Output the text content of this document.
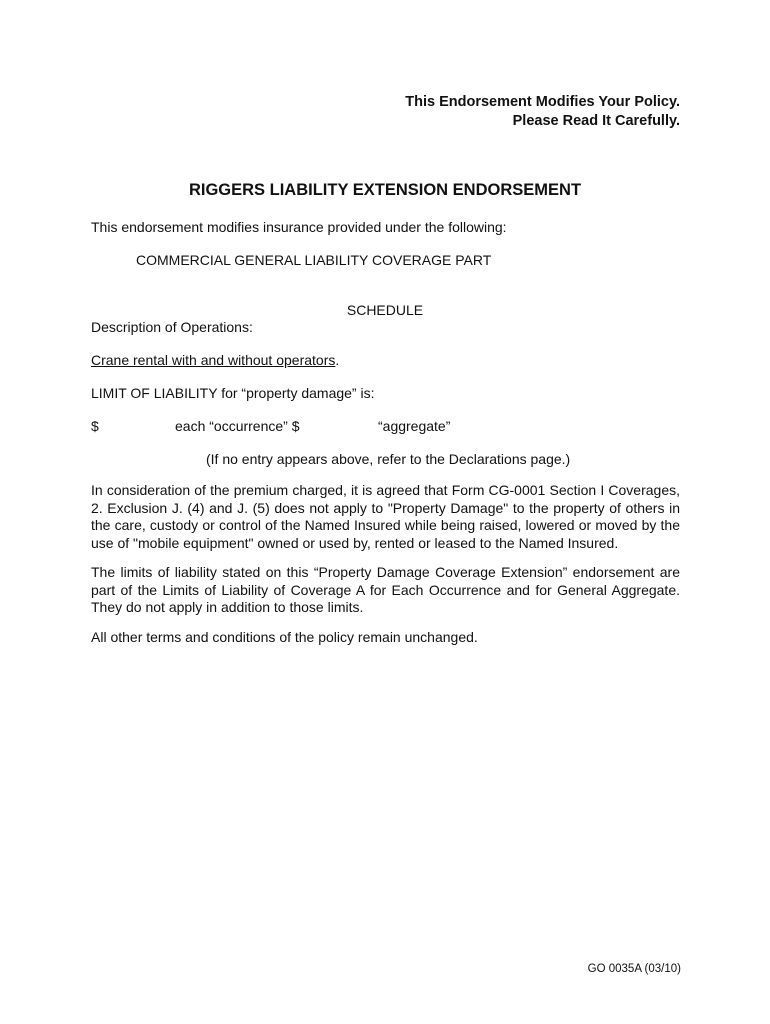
This Endorsement Modifies Your Policy.
Please Read It Carefully.
RIGGERS LIABILITY EXTENSION ENDORSEMENT
This endorsement modifies insurance provided under the following:
COMMERCIAL GENERAL LIABILITY COVERAGE PART
SCHEDULE
Description of Operations:
Crane rental with and without operators.
LIMIT OF LIABILITY for “property damage” is:
$	each “occurrence” $	“aggregate”
(If no entry appears above, refer to the Declarations page.)
In consideration of the premium charged, it is agreed that Form CG-0001 Section I Coverages, 2. Exclusion J. (4) and J. (5) does not apply to "Property Damage" to the property of others in the care, custody or control of the Named Insured while being raised, lowered or moved by the use of "mobile equipment" owned or used by, rented or leased to the Named Insured.
The limits of liability stated on this “Property Damage Coverage Extension” endorsement are part of the Limits of Liability of Coverage A for Each Occurrence and for General Aggregate. They do not apply in addition to those limits.
All other terms and conditions of the policy remain unchanged.
GO 0035A (03/10)
